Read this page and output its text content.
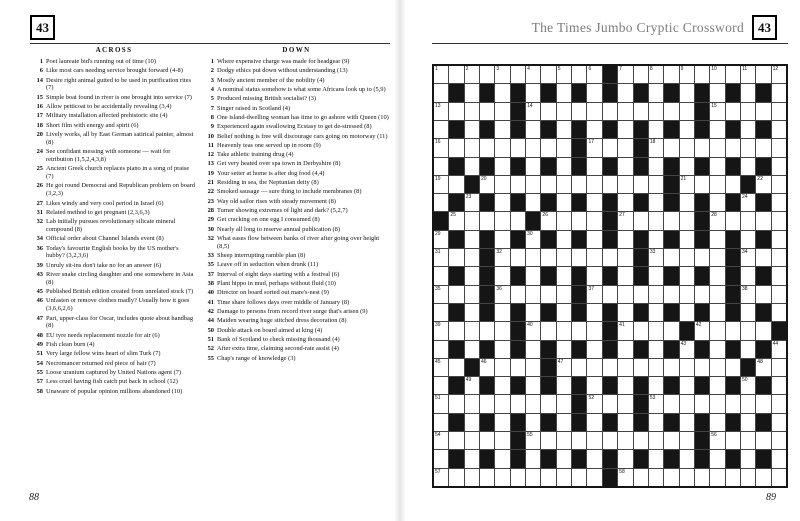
43
ACROSS
1 Poet laureate bid's running out of time (10)
6 Like most cars needing service brought forward (4-8)
14 Desire right animal gutted to be used in purification rites (7)
15 Simple boat found in river is one brought into service (7)
16 Allow petticoat to be accidentally revealing (3,4)
17 Military installation affected prehistoric site (4)
18 Short film with energy and spirit (6)
20 Lively works, all by East German satirical painter, almost (8)
24 See confidant messing with someone — wait for retribution (1,5,2,4,3,8)
25 Ancient Greek church replaces piano in a song of praise (7)
26 He got round Democrat and Republican problem on board (3,2,3)
27 Likes windy and very cool period in Israel (6)
31 Related method to get pregnant (2,3,6,3)
32 Lab initially pursues revolutionary silicate mineral compound (8)
34 Official order about Channel Islands event (8)
36 Today's favourite English books by the US mother's hubby? (3,2,3,6)
39 Unruly sit-ins don't take no for an answer (6)
43 River snake circling daughter and one somewhere in Asia (8)
45 Published British edition created from unrelated stock (7)
46 Unfasten or remove clothes madly? Usually how it goes (3,6,6,2,6)
47 Part, upper-class for Oscar, includes quote about handbag (8)
48 EU tyre needs replacement nozzle for air (6)
49 Fish clean burn (4)
51 Very large fellow wins heart of slim Turk (7)
54 Necromancer returned red piece of hair (7)
55 Loose uranium captured by United Nations agent (7)
57 Less cruel having fish catch put back in school (12)
58 Unaware of popular opinion millions abandoned (10)
DOWN
1 Where expensive charge was made for headgear (9)
2 Dodgy ethics put down without understanding (13)
3 Mostly ancient member of the nobility (4)
4 A nominal status somehow is what some Africans look up to (5,9)
5 Produced missing British socialist? (3)
7 Singer raised in Scotland (4)
8 One island-dwelling woman has time to go ashore with Queen (10)
9 Experienced again swallowing Ecstasy to get de-stressed (8)
10 Belief nothing is free will discourage cars going on motorway (11)
11 Heavenly teas one served up in room (9)
12 Take athletic training drug (4)
13 Get very heated over spa town in Derbyshire (8)
19 Your setter at home is after dog food (4,4)
21 Residing in sea, the Neptunian deity (8)
22 Smoked sausage — sure thing to include membranes (8)
23 Way old sailor rises with steady movement (8)
28 Turner showing extremes of light and dark? (5,2,7)
29 Get cracking on one egg I consumed (8)
30 Nearly all long to reserve annual publication (8)
32 What eases flow between banks of river after going over height (8,5)
33 Sheep interrupting ramble plan (8)
35 Leave off in seduction when drunk (11)
37 Interval of eight days starting with a festival (6)
38 Plant hippo in mud, perhaps without fluid (10)
40 Director on board sorted out mare's-nest (9)
41 Time share follows days over middle of January (8)
42 Damage to persons from record river surge that's arisen (9)
44 Maiden wearing huge stitched dress decoration (8)
50 Double attack on board aimed at king (4)
51 Bank of Scotland to check missing thousand (4)
52 After extra time, claiming second-rate assist (4)
55 Chap's range of knowledge (3)
88
The Times Jumbo Cryptic Crossword	43
1	2	3	4	5	6	7	8	9	10	11	12
13	14	15
16	17	18
19	20	21	22
23	24
25	26	27	28
29	30
31	32	33	34
35	36	37	38
39	40	41	42
43	44
45	46	47	48
49	50
51	52	53
54	55	56
57	58
89
